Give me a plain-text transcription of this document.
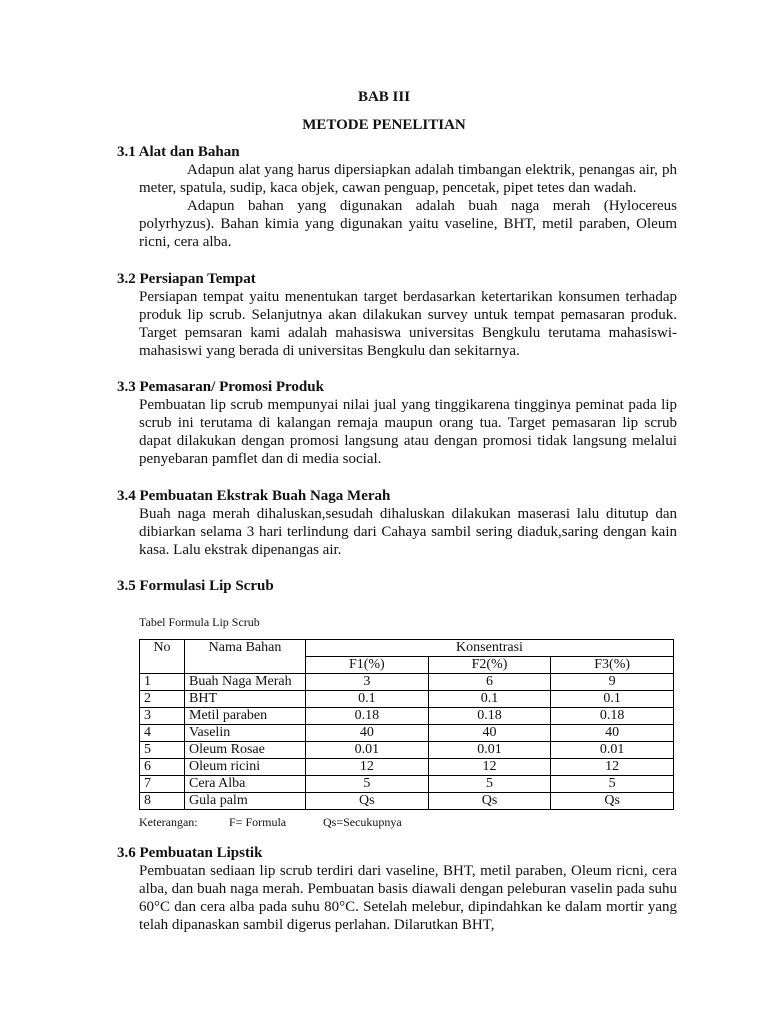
BAB III
METODE PENELITIAN
3.1 Alat dan Bahan
Adapun alat yang harus dipersiapkan adalah timbangan elektrik, penangas air, ph meter, spatula, sudip, kaca objek, cawan penguap, pencetak, pipet tetes dan wadah.
Adapun bahan yang digunakan adalah buah naga merah (Hylocereus polyrhyzus). Bahan kimia yang digunakan yaitu vaseline, BHT, metil paraben, Oleum ricni, cera alba.
3.2 Persiapan Tempat
Persiapan tempat yaitu menentukan target berdasarkan ketertarikan konsumen terhadap produk lip scrub. Selanjutnya akan dilakukan survey untuk tempat pemasaran produk. Target pemsaran kami adalah mahasiswa universitas Bengkulu terutama mahasiswi-mahasiswi yang berada di universitas Bengkulu dan sekitarnya.
3.3 Pemasaran/ Promosi Produk
Pembuatan lip scrub mempunyai nilai jual yang tinggikarena tingginya peminat pada lip scrub ini terutama di kalangan remaja maupun orang tua. Target pemasaran lip scrub dapat dilakukan dengan promosi langsung atau dengan promosi tidak langsung melalui penyebaran pamflet dan di media social.
3.4 Pembuatan Ekstrak Buah Naga Merah
Buah naga merah dihaluskan,sesudah dihaluskan dilakukan maserasi lalu ditutup dan dibiarkan selama 3 hari terlindung dari Cahaya sambil sering diaduk,saring dengan kain kasa. Lalu ekstrak dipenangas air.
3.5 Formulasi Lip Scrub
Tabel Formula Lip Scrub
No	Nama Bahan	Konsentrasi		
		F1(%)	F2(%)	F3(%)
1	Buah Naga Merah	3	6	9
2	BHT	0.1	0.1	0.1
3	Metil paraben	0.18	0.18	0.18
4	Vaselin	40	40	40
5	Oleum Rosae	0.01	0.01	0.01
6	Oleum ricini	12	12	12
7	Cera Alba	5	5	5
8	Gula palm	Qs	Qs	Qs
Keterangan:	F= Formula	Qs=Secukupnya
3.6 Pembuatan Lipstik
Pembuatan sediaan lip scrub terdiri dari vaseline, BHT, metil paraben, Oleum ricni, cera alba, dan buah naga merah. Pembuatan basis diawali dengan peleburan vaselin pada suhu 60°C dan cera alba pada suhu 80°C. Setelah melebur, dipindahkan ke dalam mortir yang telah dipanaskan sambil digerus perlahan. Dilarutkan BHT,
